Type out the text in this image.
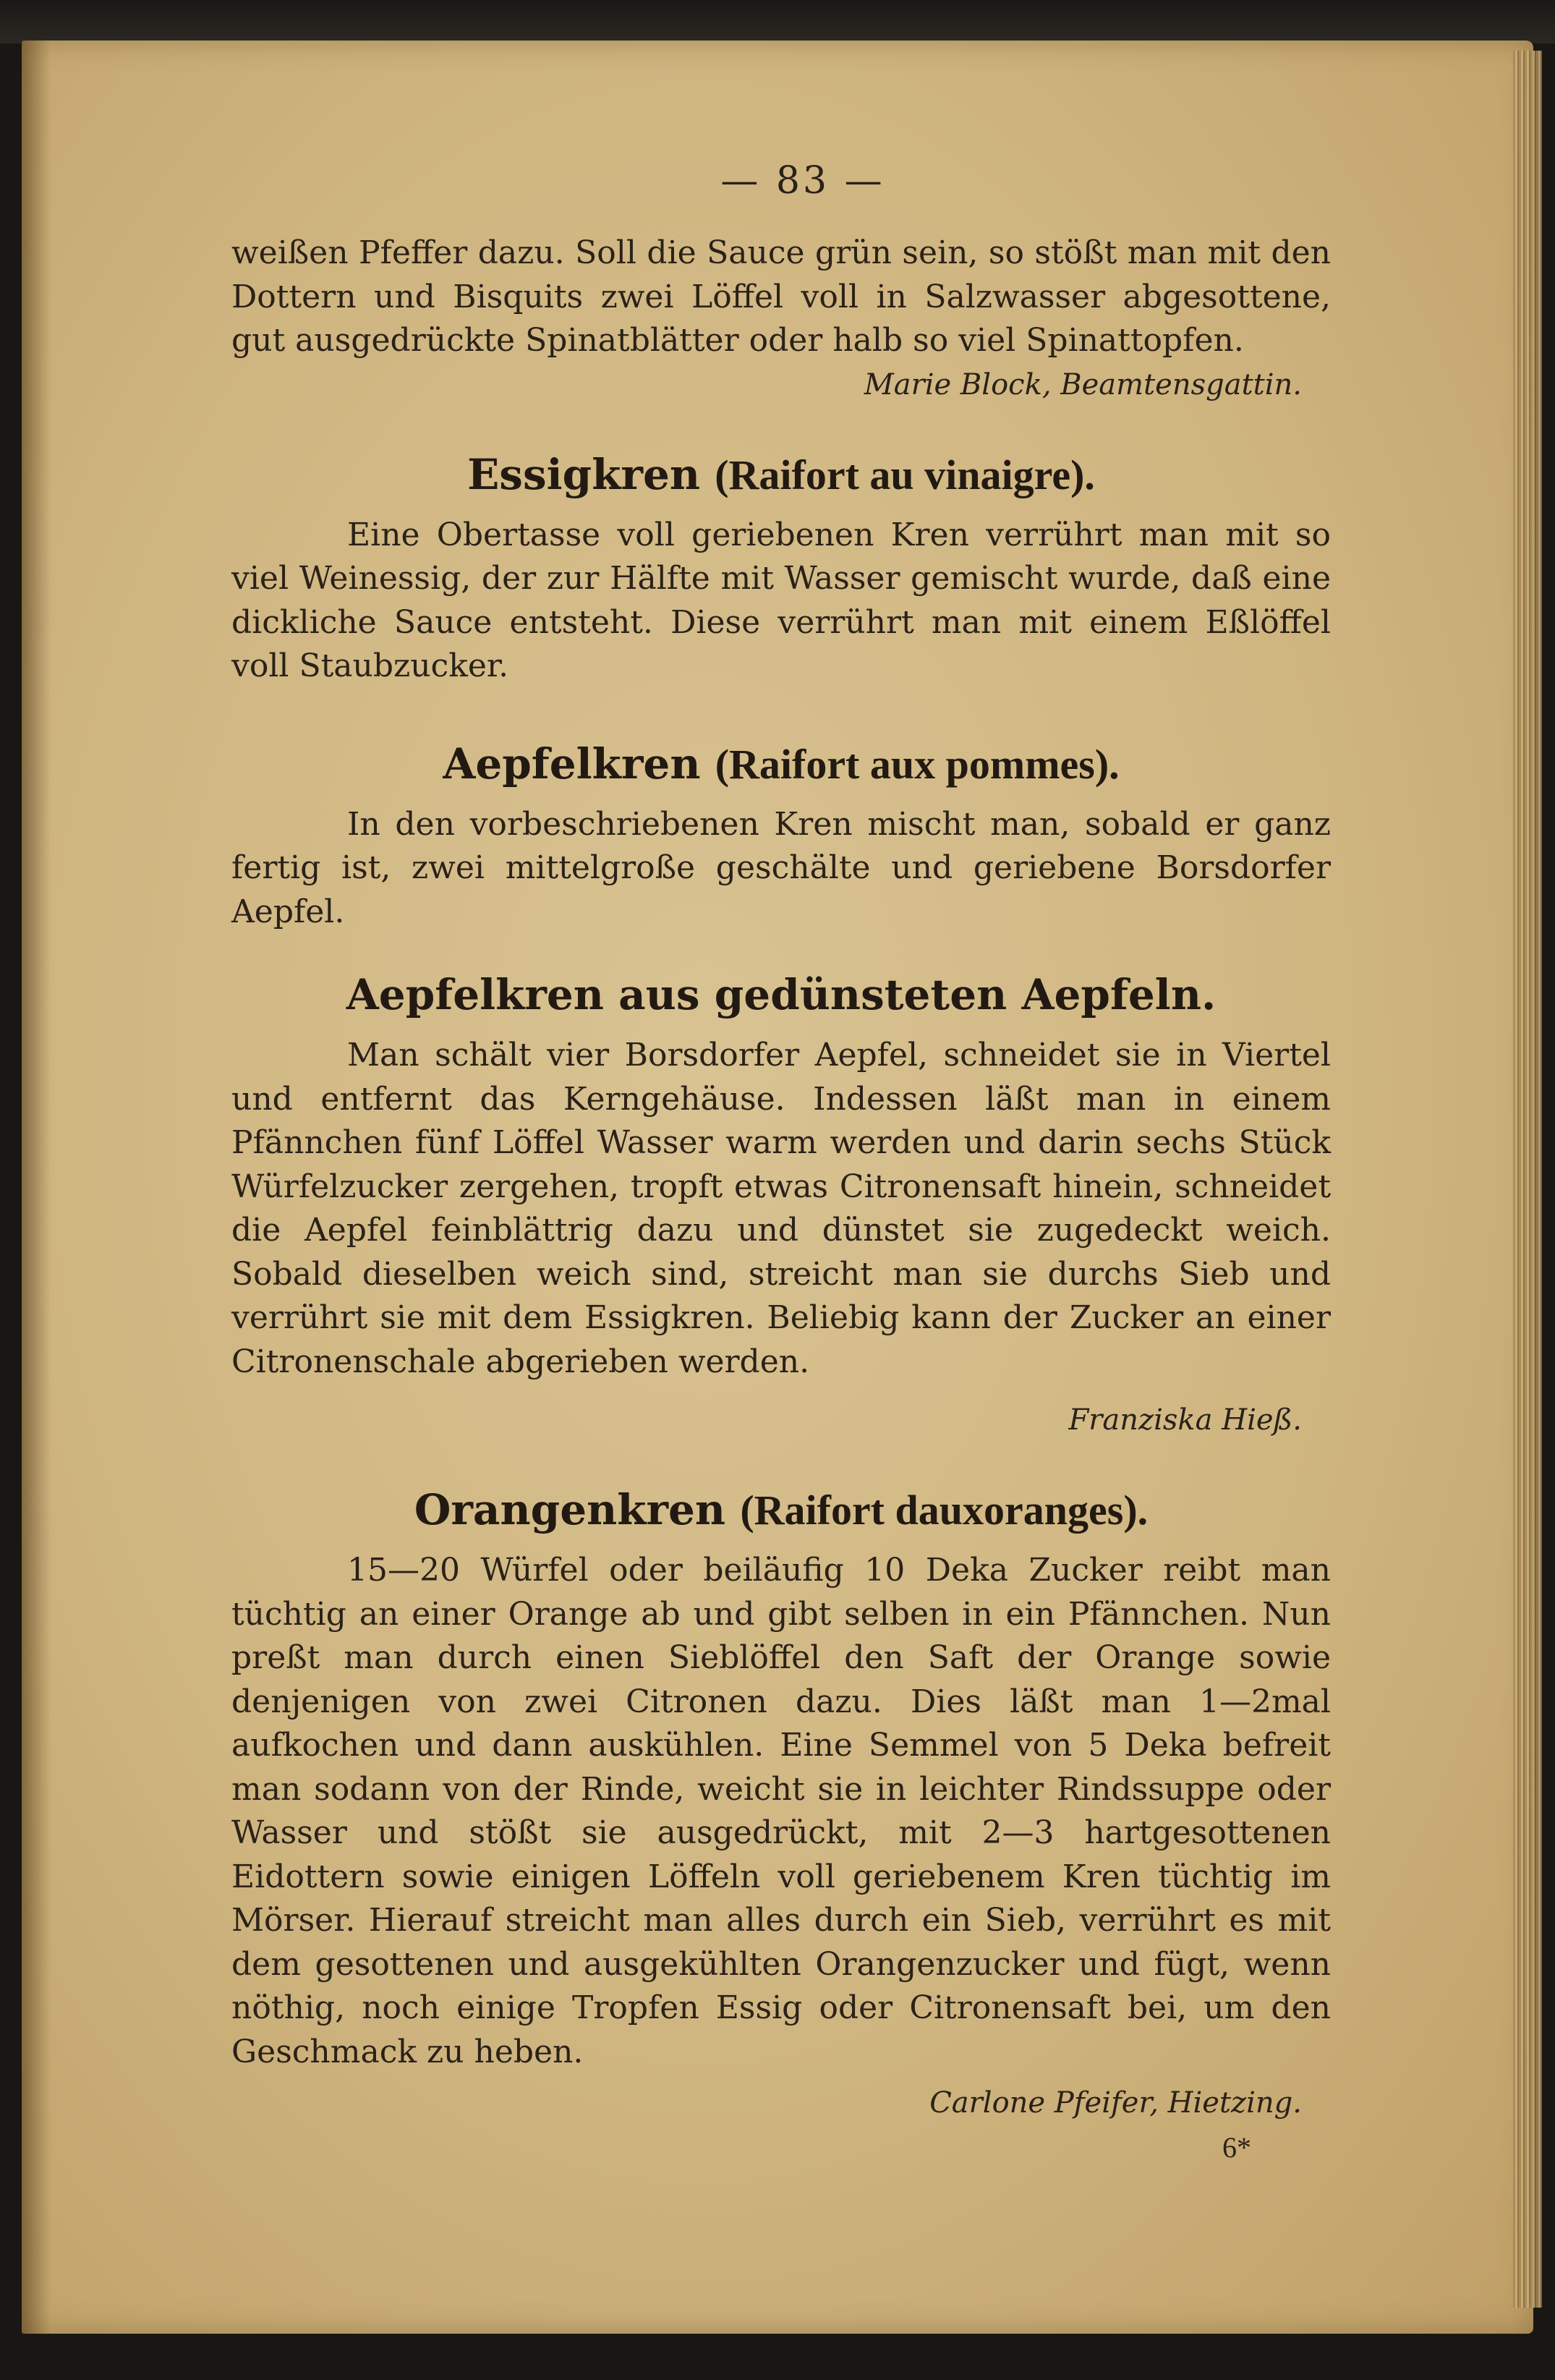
— 83 —

weißen Pfeffer dazu. Soll die Sauce grün sein, so stößt man mit den Dottern und Bisquits zwei Löffel voll in Salzwasser abgesottene, gut ausgedrückte Spinatblätter oder halb so viel Spinattopfen.

Marie Block, Beamtensgattin.
Essigkren (Raifort au vinaigre).

Eine Obertasse voll geriebenen Kren verrührt man mit so viel Weinessig, der zur Hälfte mit Wasser gemischt wurde, daß eine dickliche Sauce entsteht. Diese verrührt man mit einem Eßlöffel voll Staubzucker.

Aepfelkren (Raifort aux pommes).

In den vorbeschriebenen Kren mischt man, sobald er ganz fertig ist, zwei mittelgroße geschälte und geriebene Borsdorfer Aepfel.

Aepfelkren aus gedünsteten Aepfeln.

Man schält vier Borsdorfer Aepfel, schneidet sie in Viertel und entfernt das Kerngehäuse. Indessen läßt man in einem Pfännchen fünf Löffel Wasser warm werden und darin sechs Stück Würfelzucker zergehen, tropft etwas Citronensaft hinein, schneidet die Aepfel feinblättrig dazu und dünstet sie zugedeckt weich. Sobald dieselben weich sind, streicht man sie durchs Sieb und verrührt sie mit dem Essigkren. Beliebig kann der Zucker an einer Citronenschale abgerieben werden.

Franziska Hieß.
Orangenkren (Raifort dauxoranges).

15—20 Würfel oder beiläufig 10 Deka Zucker reibt man tüchtig an einer Orange ab und gibt selben in ein Pfännchen. Nun preßt man durch einen Sieblöffel den Saft der Orange sowie denjenigen von zwei Citronen dazu. Dies läßt man 1—2mal aufkochen und dann auskühlen. Eine Semmel von 5 Deka befreit man sodann von der Rinde, weicht sie in leichter Rindssuppe oder Wasser und stößt sie ausgedrückt, mit 2—3 hartgesottenen Eidottern sowie einigen Löffeln voll geriebenem Kren tüchtig im Mörser. Hierauf streicht man alles durch ein Sieb, verrührt es mit dem gesottenen und ausgekühlten Orangenzucker und fügt, wenn nöthig, noch einige Tropfen Essig oder Citronensaft bei, um den Geschmack zu heben.

Carlone Pfeifer, Hietzing.
6*
